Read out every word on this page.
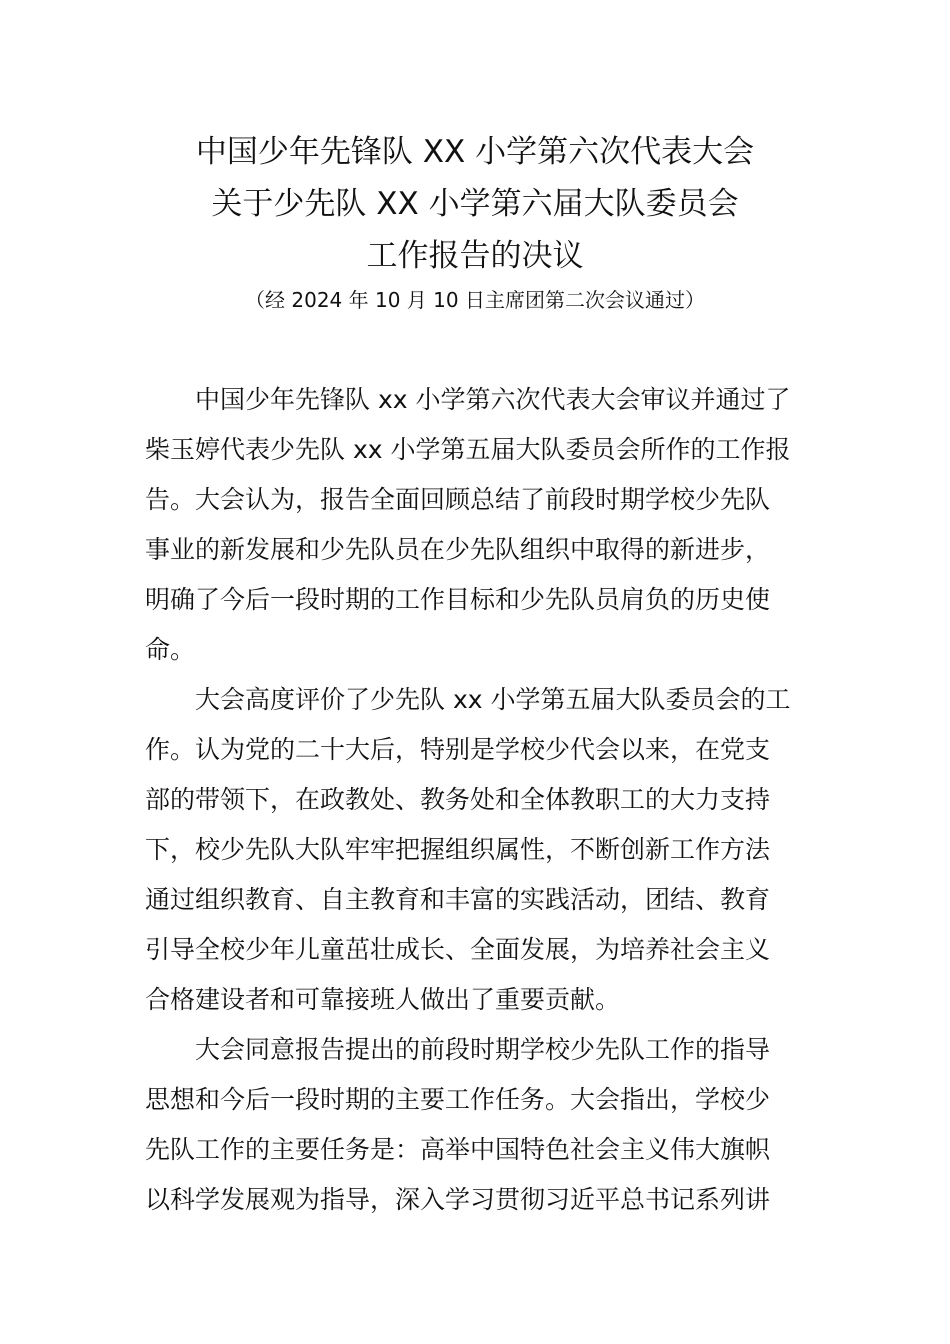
中国少年先锋队 XX 小学第六次代表大会
关于少先队 XX 小学第六届大队委员会
工作报告的决议
（经 2024 年 10 月 10 日主席团第二次会议通过）
中国少年先锋队 xx 小学第六次代表大会审议并通过了
柴玉婷代表少先队 xx 小学第五届大队委员会所作的工作报
告。大会认为，报告全面回顾总结了前段时期学校少先队
事业的新发展和少先队员在少先队组织中取得的新进步，
明确了今后一段时期的工作目标和少先队员肩负的历史使
命。
大会高度评价了少先队 xx 小学第五届大队委员会的工
作。认为党的二十大后，特别是学校少代会以来，在党支
部的带领下，在政教处、教务处和全体教职工的大力支持
下，校少先队大队牢牢把握组织属性，不断创新工作方法
通过组织教育、自主教育和丰富的实践活动，团结、教育
引导全校少年儿童茁壮成长、全面发展，为培养社会主义
合格建设者和可靠接班人做出了重要贡献。
大会同意报告提出的前段时期学校少先队工作的指导
思想和今后一段时期的主要工作任务。大会指出，学校少
先队工作的主要任务是：高举中国特色社会主义伟大旗帜
以科学发展观为指导，深入学习贯彻习近平总书记系列讲
